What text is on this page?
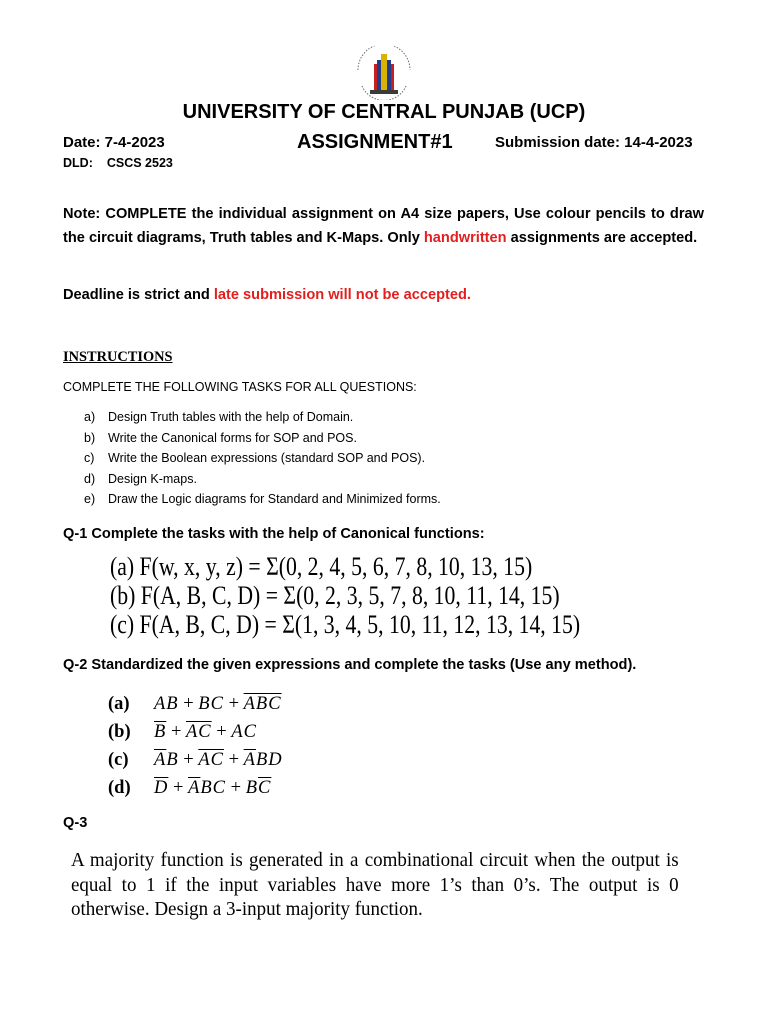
UNIVERSITY OF CENTRAL PUNJAB (UCP)
Date: 7-4-2023	ASSIGNMENT#1	Submission date: 14-4-2023
DLD: CSCS 2523
Note: COMPLETE the individual assignment on A4 size papers, Use colour pencils to draw the circuit diagrams, Truth tables and K-Maps. Only handwritten assignments are accepted.
Deadline is strict and late submission will not be accepted.
INSTRUCTIONS
COMPLETE THE FOLLOWING TASKS FOR ALL QUESTIONS:
a)	Design Truth tables with the help of Domain.
b)	Write the Canonical forms for SOP and POS.
c)	Write the Boolean expressions (standard SOP and POS).
d)	Design K-maps.
e)	Draw the Logic diagrams for Standard and Minimized forms.
Q-1 Complete the tasks with the help of Canonical functions:
(a) F(w, x, y, z) = Σ(0, 2, 4, 5, 6, 7, 8, 10, 13, 15)
(b) F(A, B, C, D) = Σ(0, 2, 3, 5, 7, 8, 10, 11, 14, 15)
(c) F(A, B, C, D) = Σ(1, 3, 4, 5, 10, 11, 12, 13, 14, 15)
Q-2 Standardized the given expressions and complete the tasks (Use any method).
(a)	AB + BC + $\overline{AB}$ $\overline{C}$
(b)	$\overline{B} + \overline{AC}$ + AC
(c)	$\overline{A}$ $B + \overline{AC} + \overline{A}$ BD
(d)	$\overline{D} + \overline{A}$ BC + B $\overline{C}$
Q-3
A majority function is generated in a combinational circuit when the output is equal to 1 if the input variables have more 1’s than 0’s. The output is 0 otherwise. Design a 3-input majority function.
